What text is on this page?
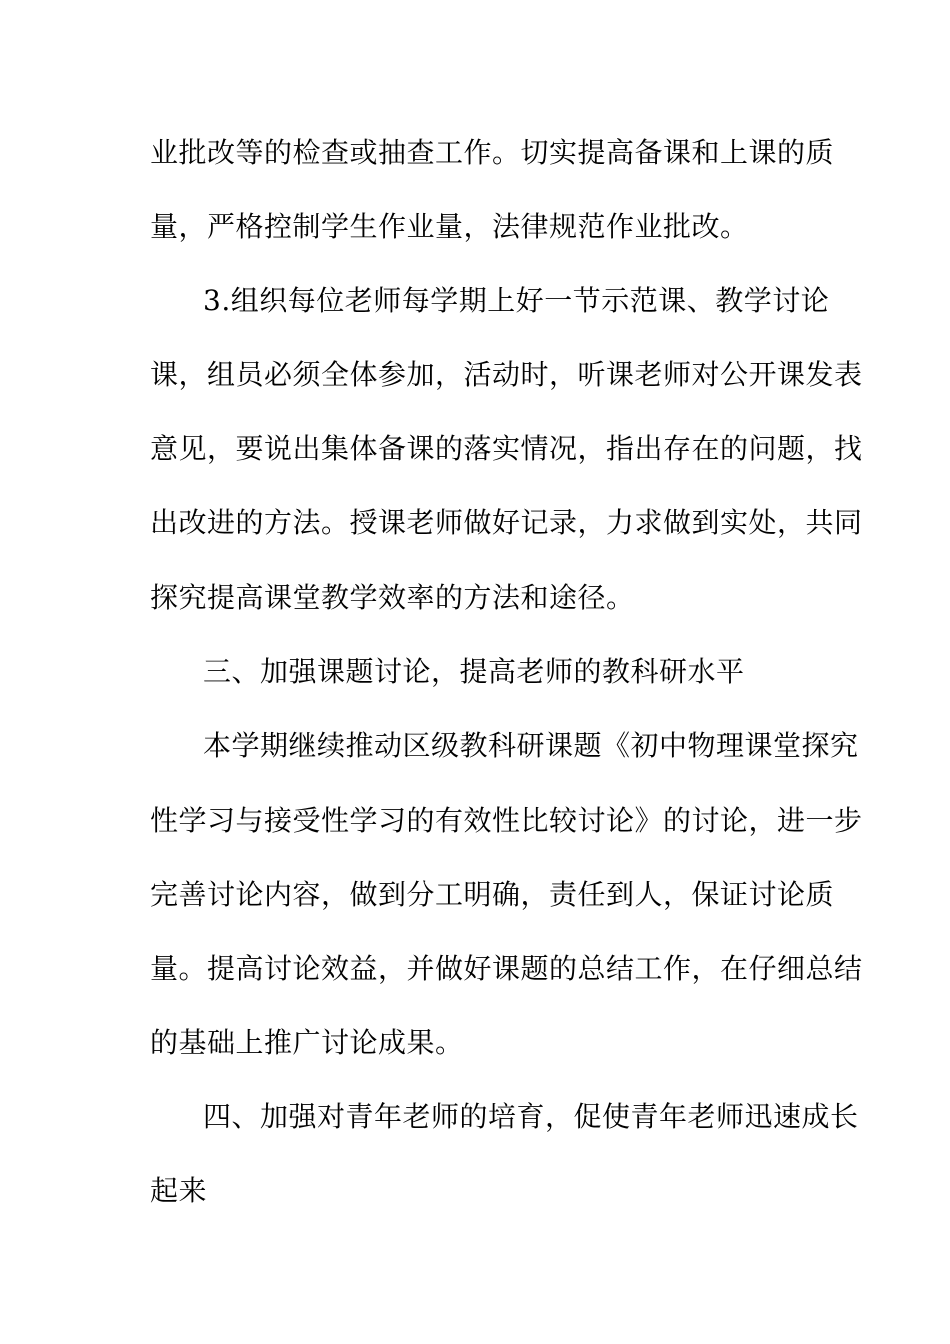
业批改等的检查或抽查工作。切实提高备课和上课的质
量，严格控制学生作业量，法律规范作业批改。
3.组织每位老师每学期上好一节示范课、教学讨论
课，组员必须全体参加，活动时，听课老师对公开课发表
意见，要说出集体备课的落实情况，指出存在的问题，找
出改进的方法。授课老师做好记录，力求做到实处，共同
探究提高课堂教学效率的方法和途径。
三、加强课题讨论，提高老师的教科研水平
本学期继续推动区级教科研课题《初中物理课堂探究
性学习与接受性学习的有效性比较讨论》的讨论，进一步
完善讨论内容，做到分工明确，责任到人，保证讨论质
量。提高讨论效益，并做好课题的总结工作，在仔细总结
的基础上推广讨论成果。
四、加强对青年老师的培育，促使青年老师迅速成长
起来
